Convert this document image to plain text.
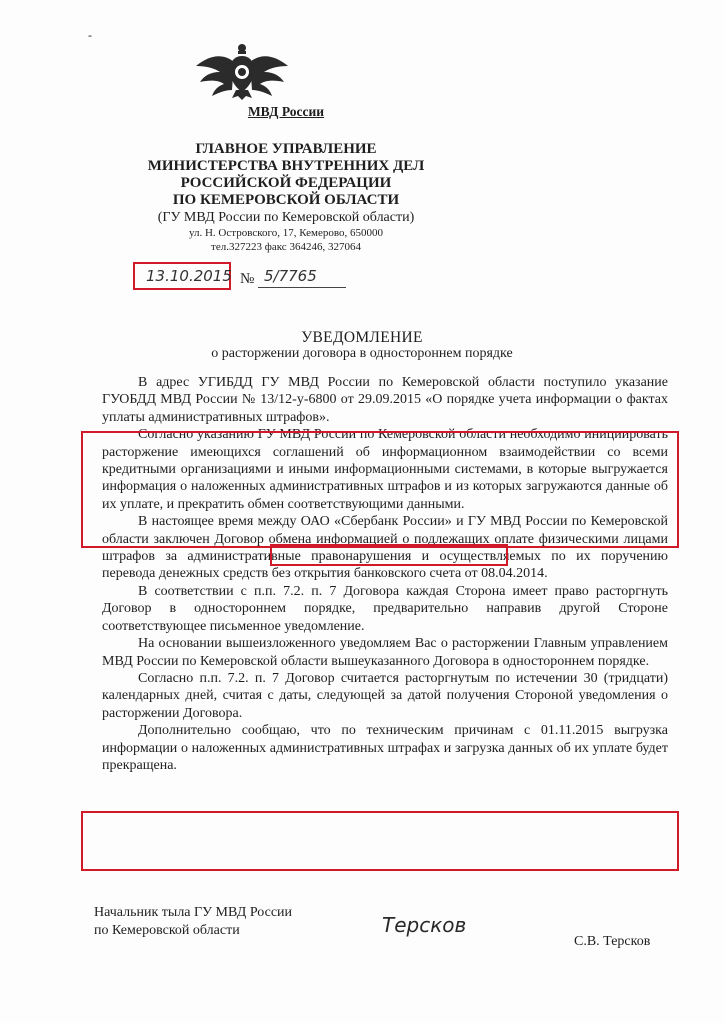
-
МВД России
ГЛАВНОЕ УПРАВЛЕНИЕ
МИНИСТЕРСТВА ВНУТРЕННИХ ДЕЛ
РОССИЙСКОЙ ФЕДЕРАЦИИ
ПО КЕМЕРОВСКОЙ ОБЛАСТИ
(ГУ МВД России по Кемеровской области)
ул. Н. Островского, 17, Кемерово, 650000
тел.327223 факс 364246, 327064
13.10.2015 № 5/7765
УВЕДОМЛЕНИЕ
о расторжении договора в одностороннем порядке

В адрес УГИБДД ГУ МВД России по Кемеровской области поступило указание ГУОБДД МВД России № 13/12-у-6800 от 29.09.2015 «О порядке учета информации о фактах уплаты административных штрафов».

Согласно указанию ГУ МВД России по Кемеровской области необходимо инициировать расторжение имеющихся соглашений об информационном взаимодействии со всеми кредитными организациями и иными информационными системами, в которые выгружается информация о наложенных административных штрафов и из которых загружаются данные об их уплате, и прекратить обмен соответствующими данными.

В настоящее время между ОАО «Сбербанк России» и ГУ МВД России по Кемеровской области заключен Договор обмена информацией о подлежащих оплате физическими лицами штрафов за административные правонарушения и осуществляемых по их поручению перевода денежных средств без открытия банковского счета от 08.04.2014.

В соответствии с п.п. 7.2. п. 7 Договора каждая Сторона имеет право расторгнуть Договор в одностороннем порядке, предварительно направив другой Стороне соответствующее письменное уведомление.

На основании вышеизложенного уведомляем Вас о расторжении Главным управлением МВД России по Кемеровской области вышеуказанного Договора в одностороннем порядке.

Согласно п.п. 7.2. п. 7 Договор считается расторгнутым по истечении 30 (тридцати) календарных дней, считая с даты, следующей за датой получения Стороной уведомления о расторжении Договора.

Дополнительно сообщаю, что по техническим причинам с 01.11.2015 выгрузка информации о наложенных административных штрафах и загрузка данных об их уплате будет прекращена.

Начальник тыла ГУ МВД России
по Кемеровской области	Терсков
С.В. Терсков
